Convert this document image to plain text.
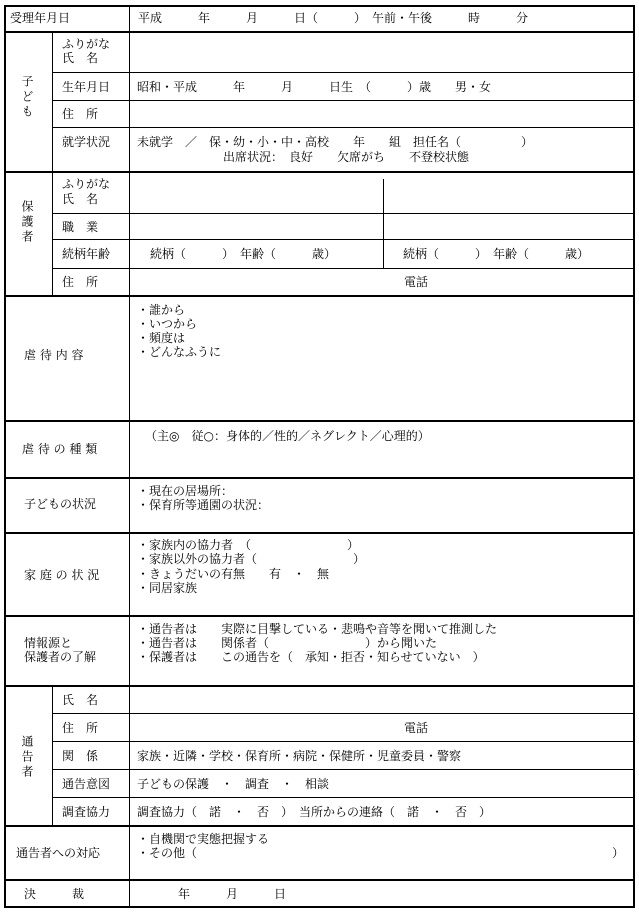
受理年月日	平成　　　年　　　月　　　日（　　　）　午前・午後　　　時　　　分
子ども
ふりがな
氏　名
生年月日 昭和・平成　　　年　　　月　　　日生　（　　　）歳　　男・女
住　所
就学状況 未就学　／　保・幼・小・中・高校　　年　　組　担任名（　　　　　）
出席状況：　良好　　欠席がち　　不登校状態
保護者
ふりがな
氏　名
職　業
続柄年齢	続柄（　　　）　年齢（　　　歳）	続柄（　　　）　年齢（　　　歳）
住　所	電話
虐 待 内 容
・誰から
・いつから
・頻度は
・どんなふうに
虐 待 の 種 類
（主◎　従○：身体的／性的／ネグレクト／心理的）
子どもの状況
・現在の居場所：
・保育所等通園の状況：
家 庭 の 状 況
・家族内の協力者　（　　　　　　　　）
・家族以外の協力者（　　　　　　　　）
・きょうだいの有無　　有　・　無
・同居家族
情報源と
保護者の了解
・通告者は　　実際に目撃している・悲鳴や音等を聞いて推測した
・通告者は　　関係者（　　　　　　　　）から聞いた
・保護者は　　この通告を（　承知・拒否・知らせていない　）
通告者
氏　名
住　所	電話
関　係	家族・近隣・学校・保育所・病院・保健所・児童委員・警察
通告意図 子どもの保護　・　調査　・　相談
調査協力 調査協力（　諾　・　否　）　当所からの連絡（　諾　・　否　）
通告者への対応
・自機関で実態把握する
・その他（	）
決　　　裁	年　　　月　　　日
